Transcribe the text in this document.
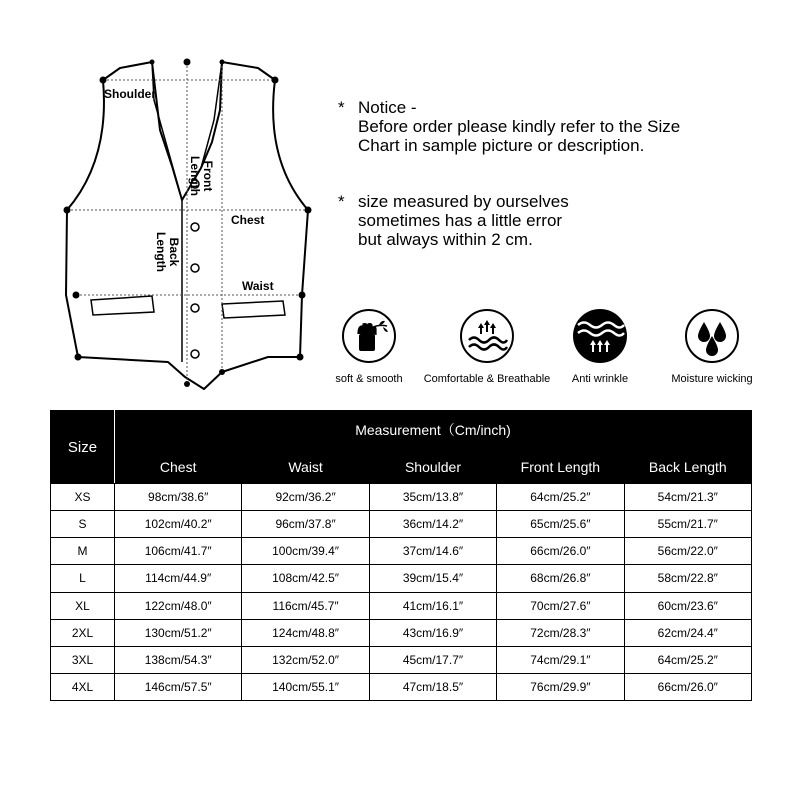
Shoulder
Front
Length
Chest
Back
Length
Waist
* Notice -
Before order please kindly refer to the Size
Chart in sample picture or description.
* size measured by ourselves
sometimes has a little error
but always within 2 cm.
soft & smooth	Comfortable & Breathable	Anti wrinkle	Moisture wicking
Size	Measurement（Cm/inch)				
	Chest	Waist	Shoulder	Front Length	Back Length
XS	98cm/38.6″	92cm/36.2″	35cm/13.8″	64cm/25.2″	54cm/21.3″
S	102cm/40.2″	96cm/37.8″	36cm/14.2″	65cm/25.6″	55cm/21.7″
M	106cm/41.7″	100cm/39.4″	37cm/14.6″	66cm/26.0″	56cm/22.0″
L	114cm/44.9″	108cm/42.5″	39cm/15.4″	68cm/26.8″	58cm/22.8″
XL	122cm/48.0″	116cm/45.7″	41cm/16.1″	70cm/27.6″	60cm/23.6″
2XL	130cm/51.2″	124cm/48.8″	43cm/16.9″	72cm/28.3″	62cm/24.4″
3XL	138cm/54.3″	132cm/52.0″	45cm/17.7″	74cm/29.1″	64cm/25.2″
4XL	146cm/57.5″	140cm/55.1″	47cm/18.5″	76cm/29.9″	66cm/26.0″
